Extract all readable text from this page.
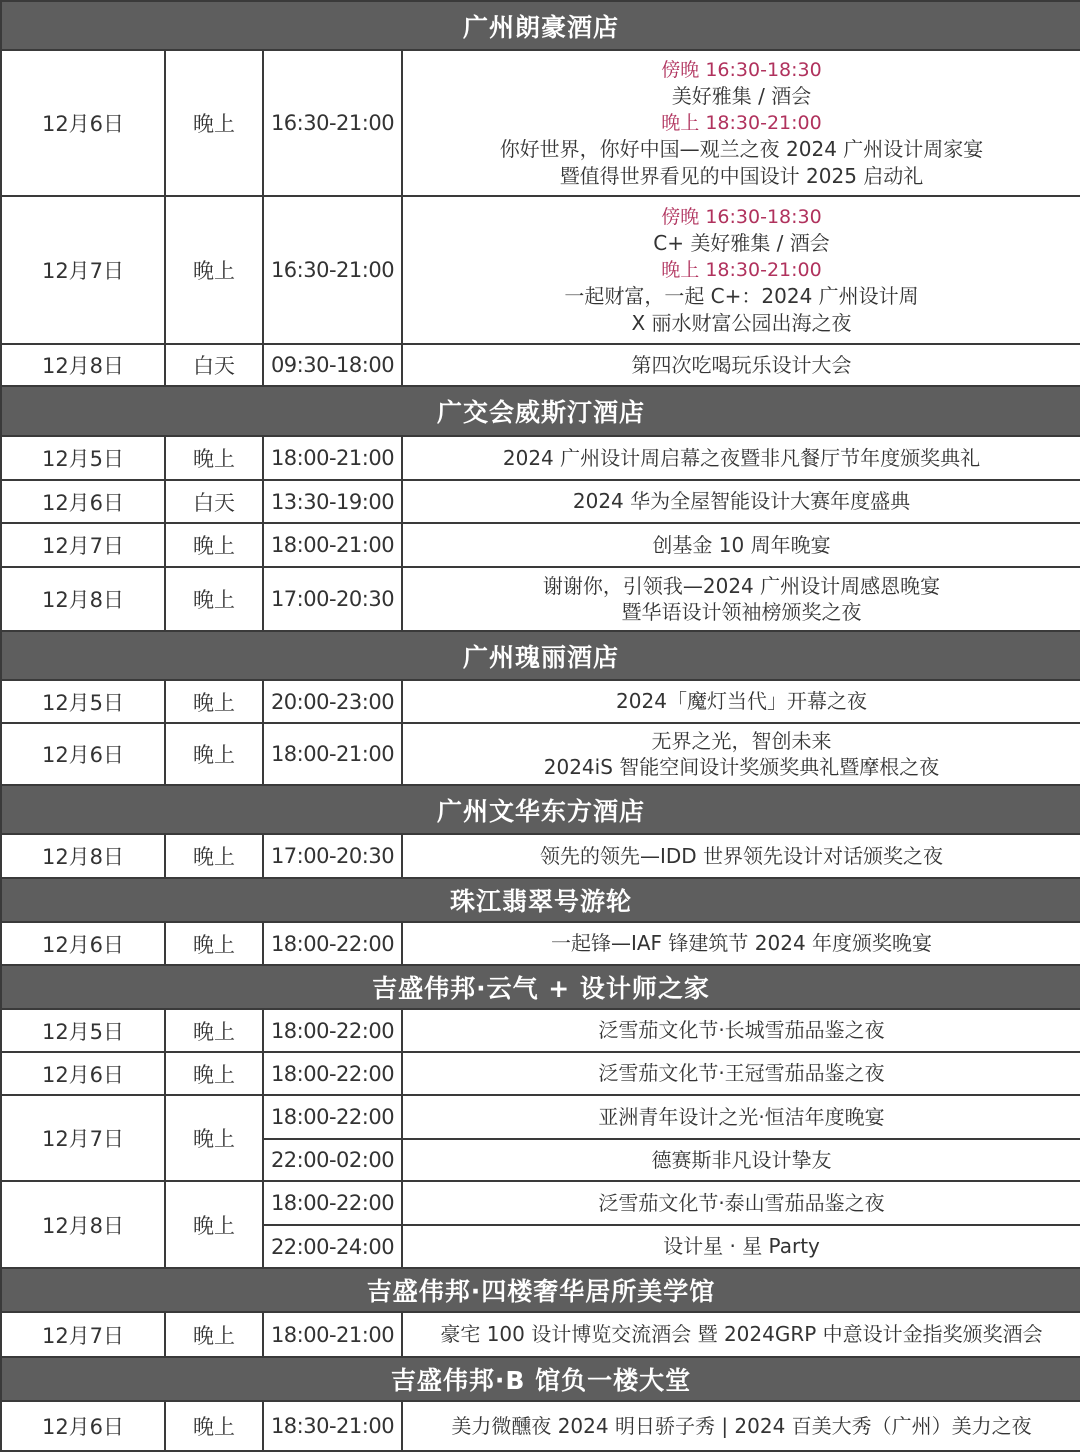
广州朗豪酒店			
12月6日	晚上	16:30-21:00	傍晚 16:30-18:30
美好雅集 / 酒会
晚上 18:30-21:00
你好世界，你好中国—观兰之夜 2024 广州设计周家宴
暨值得世界看见的中国设计 2025 启动礼

12月7日	晚上	16:30-21:00	傍晚 16:30-18:30
C+ 美好雅集 / 酒会
晚上 18:30-21:00
一起财富，一起 C+：2024 广州设计周
X 丽水财富公园出海之夜

12月8日	白天	09:30-18:00	第四次吃喝玩乐设计大会

广交会威斯汀酒店			
12月5日	晚上	18:00-21:00	2024 广州设计周启幕之夜暨非凡餐厅节年度颁奖典礼

12月6日	白天	13:30-19:00	2024 华为全屋智能设计大赛年度盛典

12月7日	晚上	18:00-21:00	创基金 10 周年晚宴

12月8日	晚上	17:00-20:30	谢谢你，引领我—2024 广州设计周感恩晚宴
暨华语设计领袖榜颁奖之夜

广州瑰丽酒店			
12月5日	晚上	20:00-23:00	2024「魔灯当代」开幕之夜

12月6日	晚上	18:00-21:00	无界之光，智创未来
2024iS 智能空间设计奖颁奖典礼暨摩根之夜

广州文华东方酒店			
12月8日	晚上	17:00-20:30	领先的领先—IDD 世界领先设计对话颁奖之夜

珠江翡翠号游轮			
12月6日	晚上	18:00-22:00	一起锋—IAF 锋建筑节 2024 年度颁奖晚宴

吉盛伟邦·云气 + 设计师之家			
12月5日	晚上	18:00-22:00	泛雪茄文化节·长城雪茄品鉴之夜

12月6日	晚上	18:00-22:00	泛雪茄文化节·王冠雪茄品鉴之夜

12月7日	晚上	18:00-22:00	亚洲青年设计之光·恒洁年度晚宴

		22:00-02:00	德赛斯非凡设计挚友

12月8日	晚上	18:00-22:00	泛雪茄文化节·泰山雪茄品鉴之夜

		22:00-24:00	设计星 · 星 Party

吉盛伟邦·四楼奢华居所美学馆			
12月7日	晚上	18:00-21:00	豪宅 100 设计博览交流酒会 暨 2024GRP 中意设计金指奖颁奖酒会

吉盛伟邦·B 馆负一楼大堂			
12月6日	晚上	18:30-21:00	美力微醺夜 2024 明日骄子秀 | 2024 百美大秀（广州）美力之夜
